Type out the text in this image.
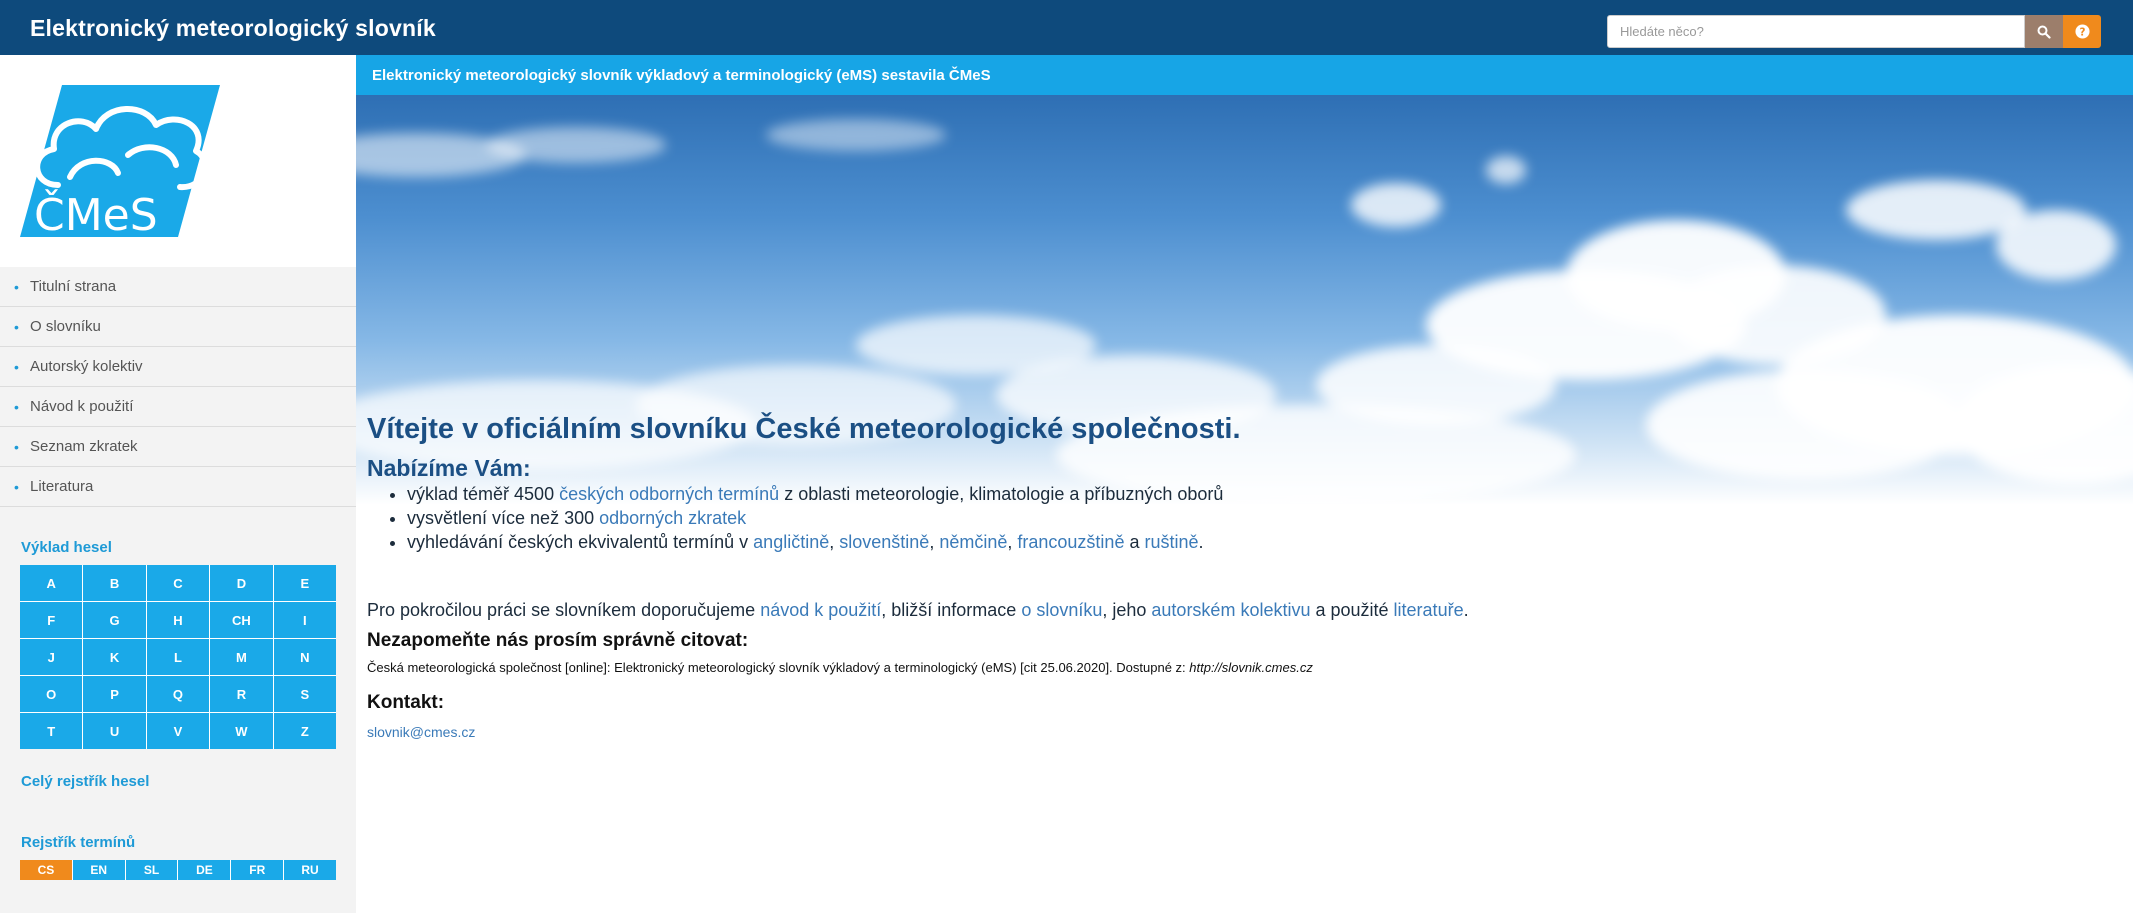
Elektronický meteorologický slovník
Hledáte něco?	?
ČMeS
• Titulní strana
• O slovníku
• Autorský kolektiv
• Návod k použití
• Seznam zkratek
• Literatura
Výklad hesel
A	B	C	D	E
F	G	H	CH	I
J	K	L	M	N
O	P	Q	R	S
T	U	V	W	Z
Celý rejstřík hesel
Rejstřík termínů
CS	EN	SL	DE	FR	RU
Elektronický meteorologický slovník výkladový a terminologický (eMS) sestavila ČMeS
Vítejte v oficiálním slovníku České meteorologické společnosti.
Nabízíme Vám:
• výklad téměř 4500 českých odborných termínů z oblasti meteorologie, klimatologie a příbuzných oborů
• vysvětlení více než 300 odborných zkratek
• vyhledávání českých ekvivalentů termínů v angličtině, slovenštině, němčině, francouzštině a ruštině.
Pro pokročilou práci se slovníkem doporučujeme návod k použití, bližší informace o slovníku, jeho autorském kolektivu a použité literatuře.
Nezapomeňte nás prosím správně citovat:
Česká meteorologická společnost [online]: Elektronický meteorologický slovník výkladový a terminologický (eMS) [cit 25.06.2020]. Dostupné z: http://slovnik.cmes.cz
Kontakt:
slovnik@cmes.cz
